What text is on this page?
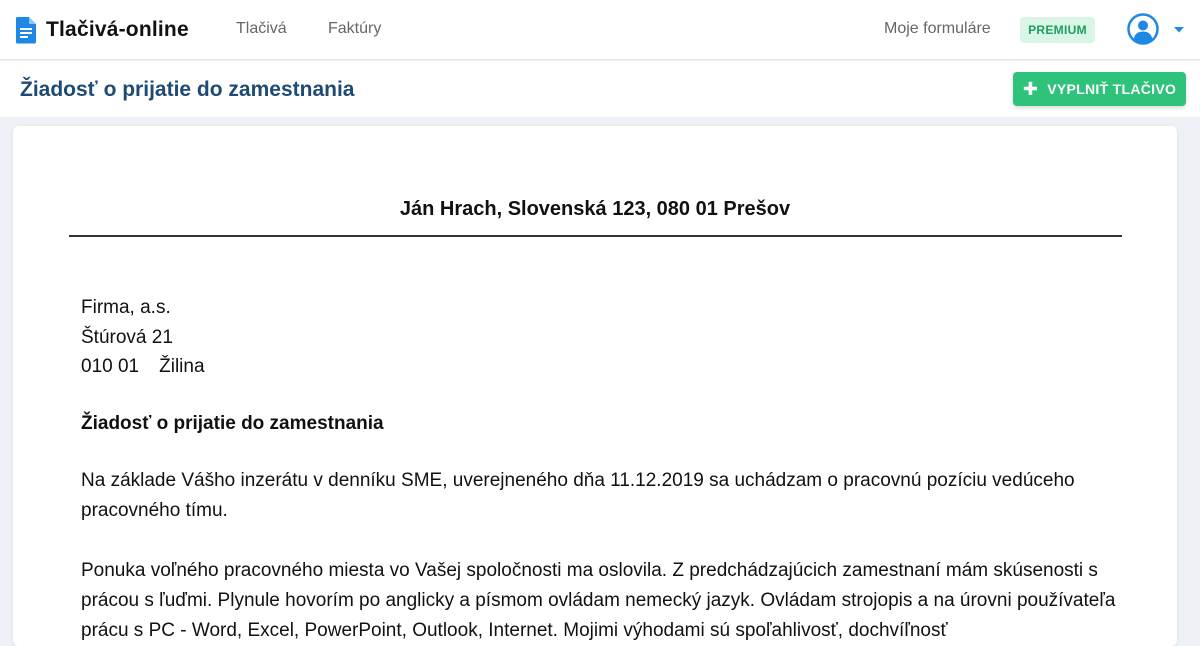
Tlačivá-online	Tlačivá	Faktúry	Moje formuláre	PREMIUM
Žiadosť o prijatie do zamestnania	✚ VYPLNIŤ TLAČIVO
Ján Hrach, Slovenská 123, 080 01 Prešov
Firma, a.s.
Štúrová 21
010 01 Žilina
Žiadosť o prijatie do zamestnania
Na základe Vášho inzerátu v denníku SME, uverejneného dňa 11.12.2019 sa uchádzam o pracovnú pozíciu vedúceho pracovného tímu.
Ponuka voľného pracovného miesta vo Vašej spoločnosti ma oslovila. Z predchádzajúcich zamestnaní mám skúsenosti s prácou s ľuďmi. Plynule hovorím po anglicky a písmom ovládam nemecký jazyk. Ovládam strojopis a na úrovni používateľa prácu s PC - Word, Excel, PowerPoint, Outlook, Internet. Mojimi výhodami sú spoľahlivosť, dochvíľnosť
